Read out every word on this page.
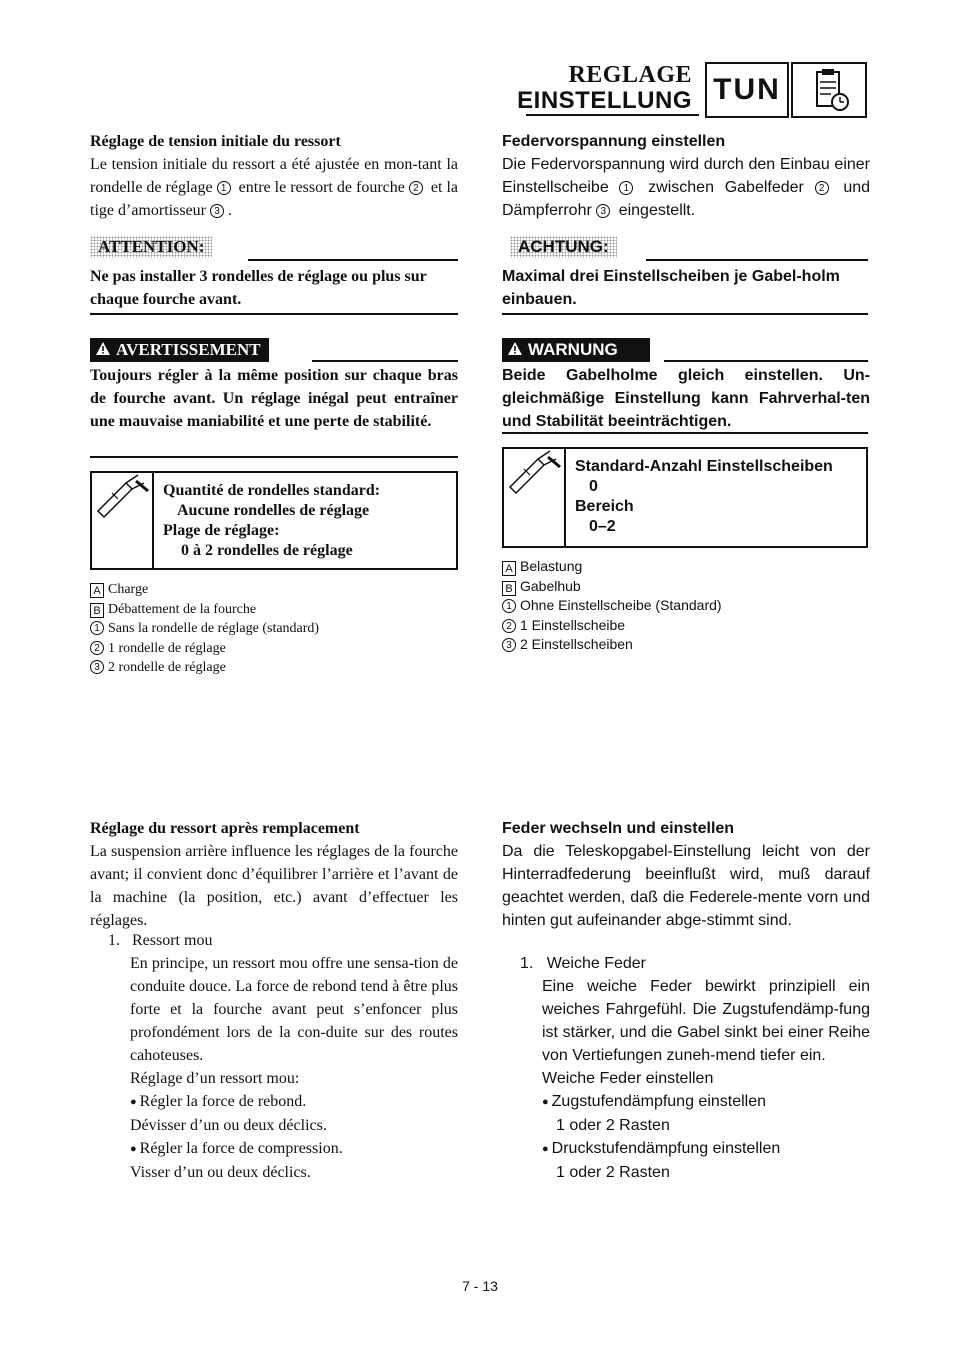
REGLAGE
EINSTELLUNG TUN
Réglage de tension initiale du ressort
Le tension initiale du ressort a été ajustée en mon-tant la rondelle de réglage 1 entre le ressort de fourche 2 et la tige d’amortisseur 3 .
ATTENTION:
Ne pas installer 3 rondelles de réglage ou plus sur chaque fourche avant.
AVERTISSEMENT
Toujours régler à la même position sur chaque bras de fourche avant. Un réglage inégal peut entraîner une mauvaise maniabilité et une perte de stabilité.
Quantité de rondelles standard:
Aucune rondelles de réglage
Plage de réglage:
0 à 2 rondelles de réglage
A Charge
B Débattement de la fourche
1 Sans la rondelle de réglage (standard)
2 1 rondelle de réglage
3 2 rondelle de réglage
Réglage du ressort après remplacement
La suspension arrière influence les réglages de la fourche avant; il convient donc d’équilibrer l’arrière et l’avant de la machine (la position, etc.) avant d’effectuer les réglages.
1. Ressort mou
En principe, un ressort mou offre une sensa-tion de conduite douce. La force de rebond tend à être plus forte et la fourche avant peut s’enfoncer plus profondément lors de la con-duite sur des routes cahoteuses.
Réglage d’un ressort mou:
● Régler la force de rebond.
Dévisser d’un ou deux déclics.
● Régler la force de compression.
Visser d’un ou deux déclics.
Federvorspannung einstellen
Die Federvorspannung wird durch den Einbau einer Einstellscheibe 1 zwischen Gabelfeder 2 und Dämpferrohr 3 eingestellt.
ACHTUNG:
Maximal drei Einstellscheiben je Gabel-holm einbauen.
WARNUNG
Beide Gabelholme gleich einstellen. Un-gleichmäßige Einstellung kann Fahrverhal-ten und Stabilität beeinträchtigen.
Standard-Anzahl Einstellscheiben
0
Bereich
0–2
A Belastung
B Gabelhub
1 Ohne Einstellscheibe (Standard)
2 1 Einstellscheibe
3 2 Einstellscheiben
Feder wechseln und einstellen
Da die Teleskopgabel-Einstellung leicht von der Hinterradfederung beeinflußt wird, muß darauf geachtet werden, daß die Federele-mente vorn und hinten gut aufeinander abge-stimmt sind.
1. Weiche Feder
Eine weiche Feder bewirkt prinzipiell ein weiches Fahrgefühl. Die Zugstufendämp-fung ist stärker, und die Gabel sinkt bei einer Reihe von Vertiefungen zuneh-mend tiefer ein.
Weiche Feder einstellen
● Zugstufendämpfung einstellen
1 oder 2 Rasten
● Druckstufendämpfung einstellen
1 oder 2 Rasten
7 - 13
